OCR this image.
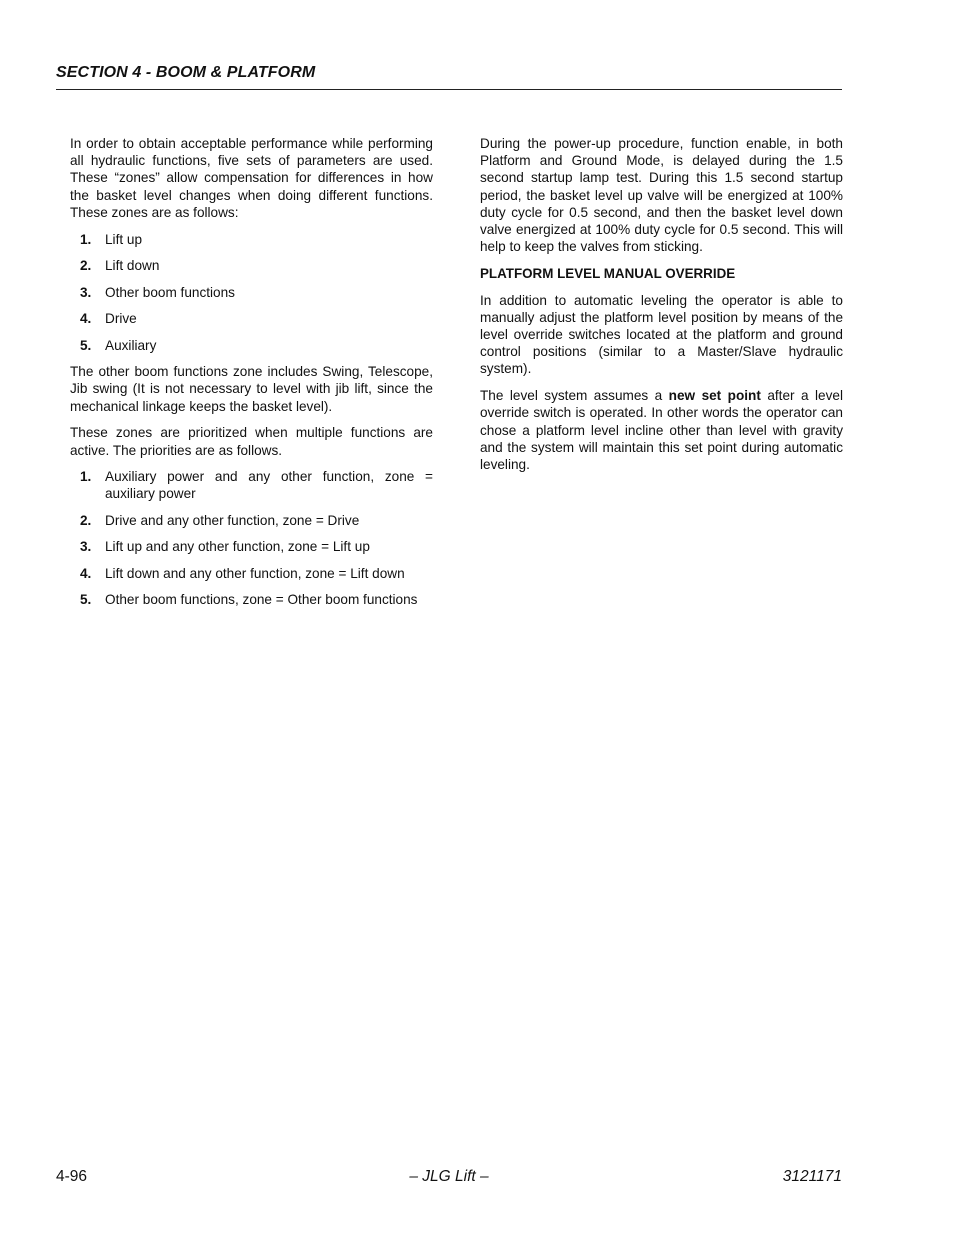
SECTION 4 - BOOM & PLATFORM

In order to obtain acceptable performance while performing all hydraulic functions, five sets of parameters are used. These “zones” allow compensation for differences in how the basket level changes when doing different functions. These zones are as follows:

1. Lift up
2. Lift down
3. Other boom functions
4. Drive
5. Auxiliary

The other boom functions zone includes Swing, Telescope, Jib swing (It is not necessary to level with jib lift, since the mechanical linkage keeps the basket level).

These zones are prioritized when multiple functions are active. The priorities are as follows.

1. Auxiliary power and any other function, zone = auxiliary power
2. Drive and any other function, zone = Drive
3. Lift up and any other function, zone = Lift up
4. Lift down and any other function, zone = Lift down
5. Other boom functions, zone = Other boom functions

During the power-up procedure, function enable, in both Platform and Ground Mode, is delayed during the 1.5 second startup lamp test. During this 1.5 second startup period, the basket level up valve will be energized at 100% duty cycle for 0.5 second, and then the basket level down valve energized at 100% duty cycle for 0.5 second. This will help to keep the valves from sticking.

PLATFORM LEVEL MANUAL OVERRIDE

In addition to automatic leveling the operator is able to manually adjust the platform level position by means of the level override switches located at the platform and ground control positions (similar to a Master/Slave hydraulic system).

The level system assumes a new set point after a level override switch is operated. In other words the operator can chose a platform level incline other than level with gravity and the system will maintain this set point during automatic leveling.

4-96	– JLG Lift –	3121171
